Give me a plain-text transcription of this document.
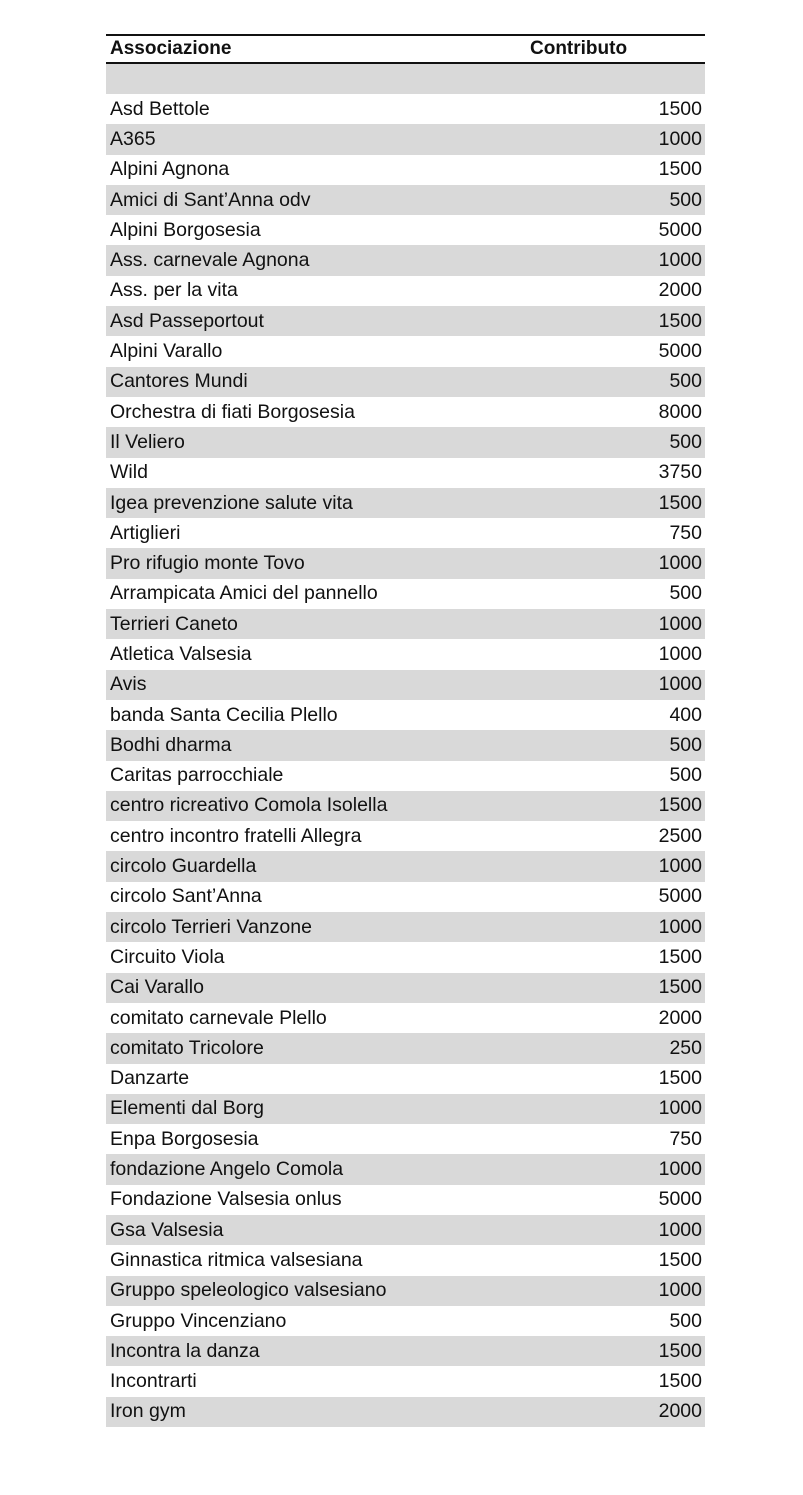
Associazione	Contributo
Asd Bettole	1500
A365	1000
Alpini Agnona	1500
Amici di Sant’Anna odv	500
Alpini Borgosesia	5000
Ass. carnevale Agnona	1000
Ass. per la vita	2000
Asd Passeportout	1500
Alpini Varallo	5000
Cantores Mundi	500
Orchestra di fiati Borgosesia	8000
Il Veliero	500
Wild	3750
Igea prevenzione salute vita	1500
Artiglieri	750
Pro rifugio monte Tovo	1000
Arrampicata Amici del pannello	500
Terrieri Caneto	1000
Atletica Valsesia	1000
Avis	1000
banda Santa Cecilia Plello	400
Bodhi dharma	500
Caritas parrocchiale	500
centro ricreativo Comola Isolella	1500
centro incontro fratelli Allegra	2500
circolo Guardella	1000
circolo Sant’Anna	5000
circolo Terrieri Vanzone	1000
Circuito Viola	1500
Cai Varallo	1500
comitato carnevale Plello	2000
comitato Tricolore	250
Danzarte	1500
Elementi dal Borg	1000
Enpa Borgosesia	750
fondazione Angelo Comola	1000
Fondazione Valsesia onlus	5000
Gsa Valsesia	1000
Ginnastica ritmica valsesiana	1500
Gruppo speleologico valsesiano	1000
Gruppo Vincenziano	500
Incontra la danza	1500
Incontrarti	1500
Iron gym	2000
